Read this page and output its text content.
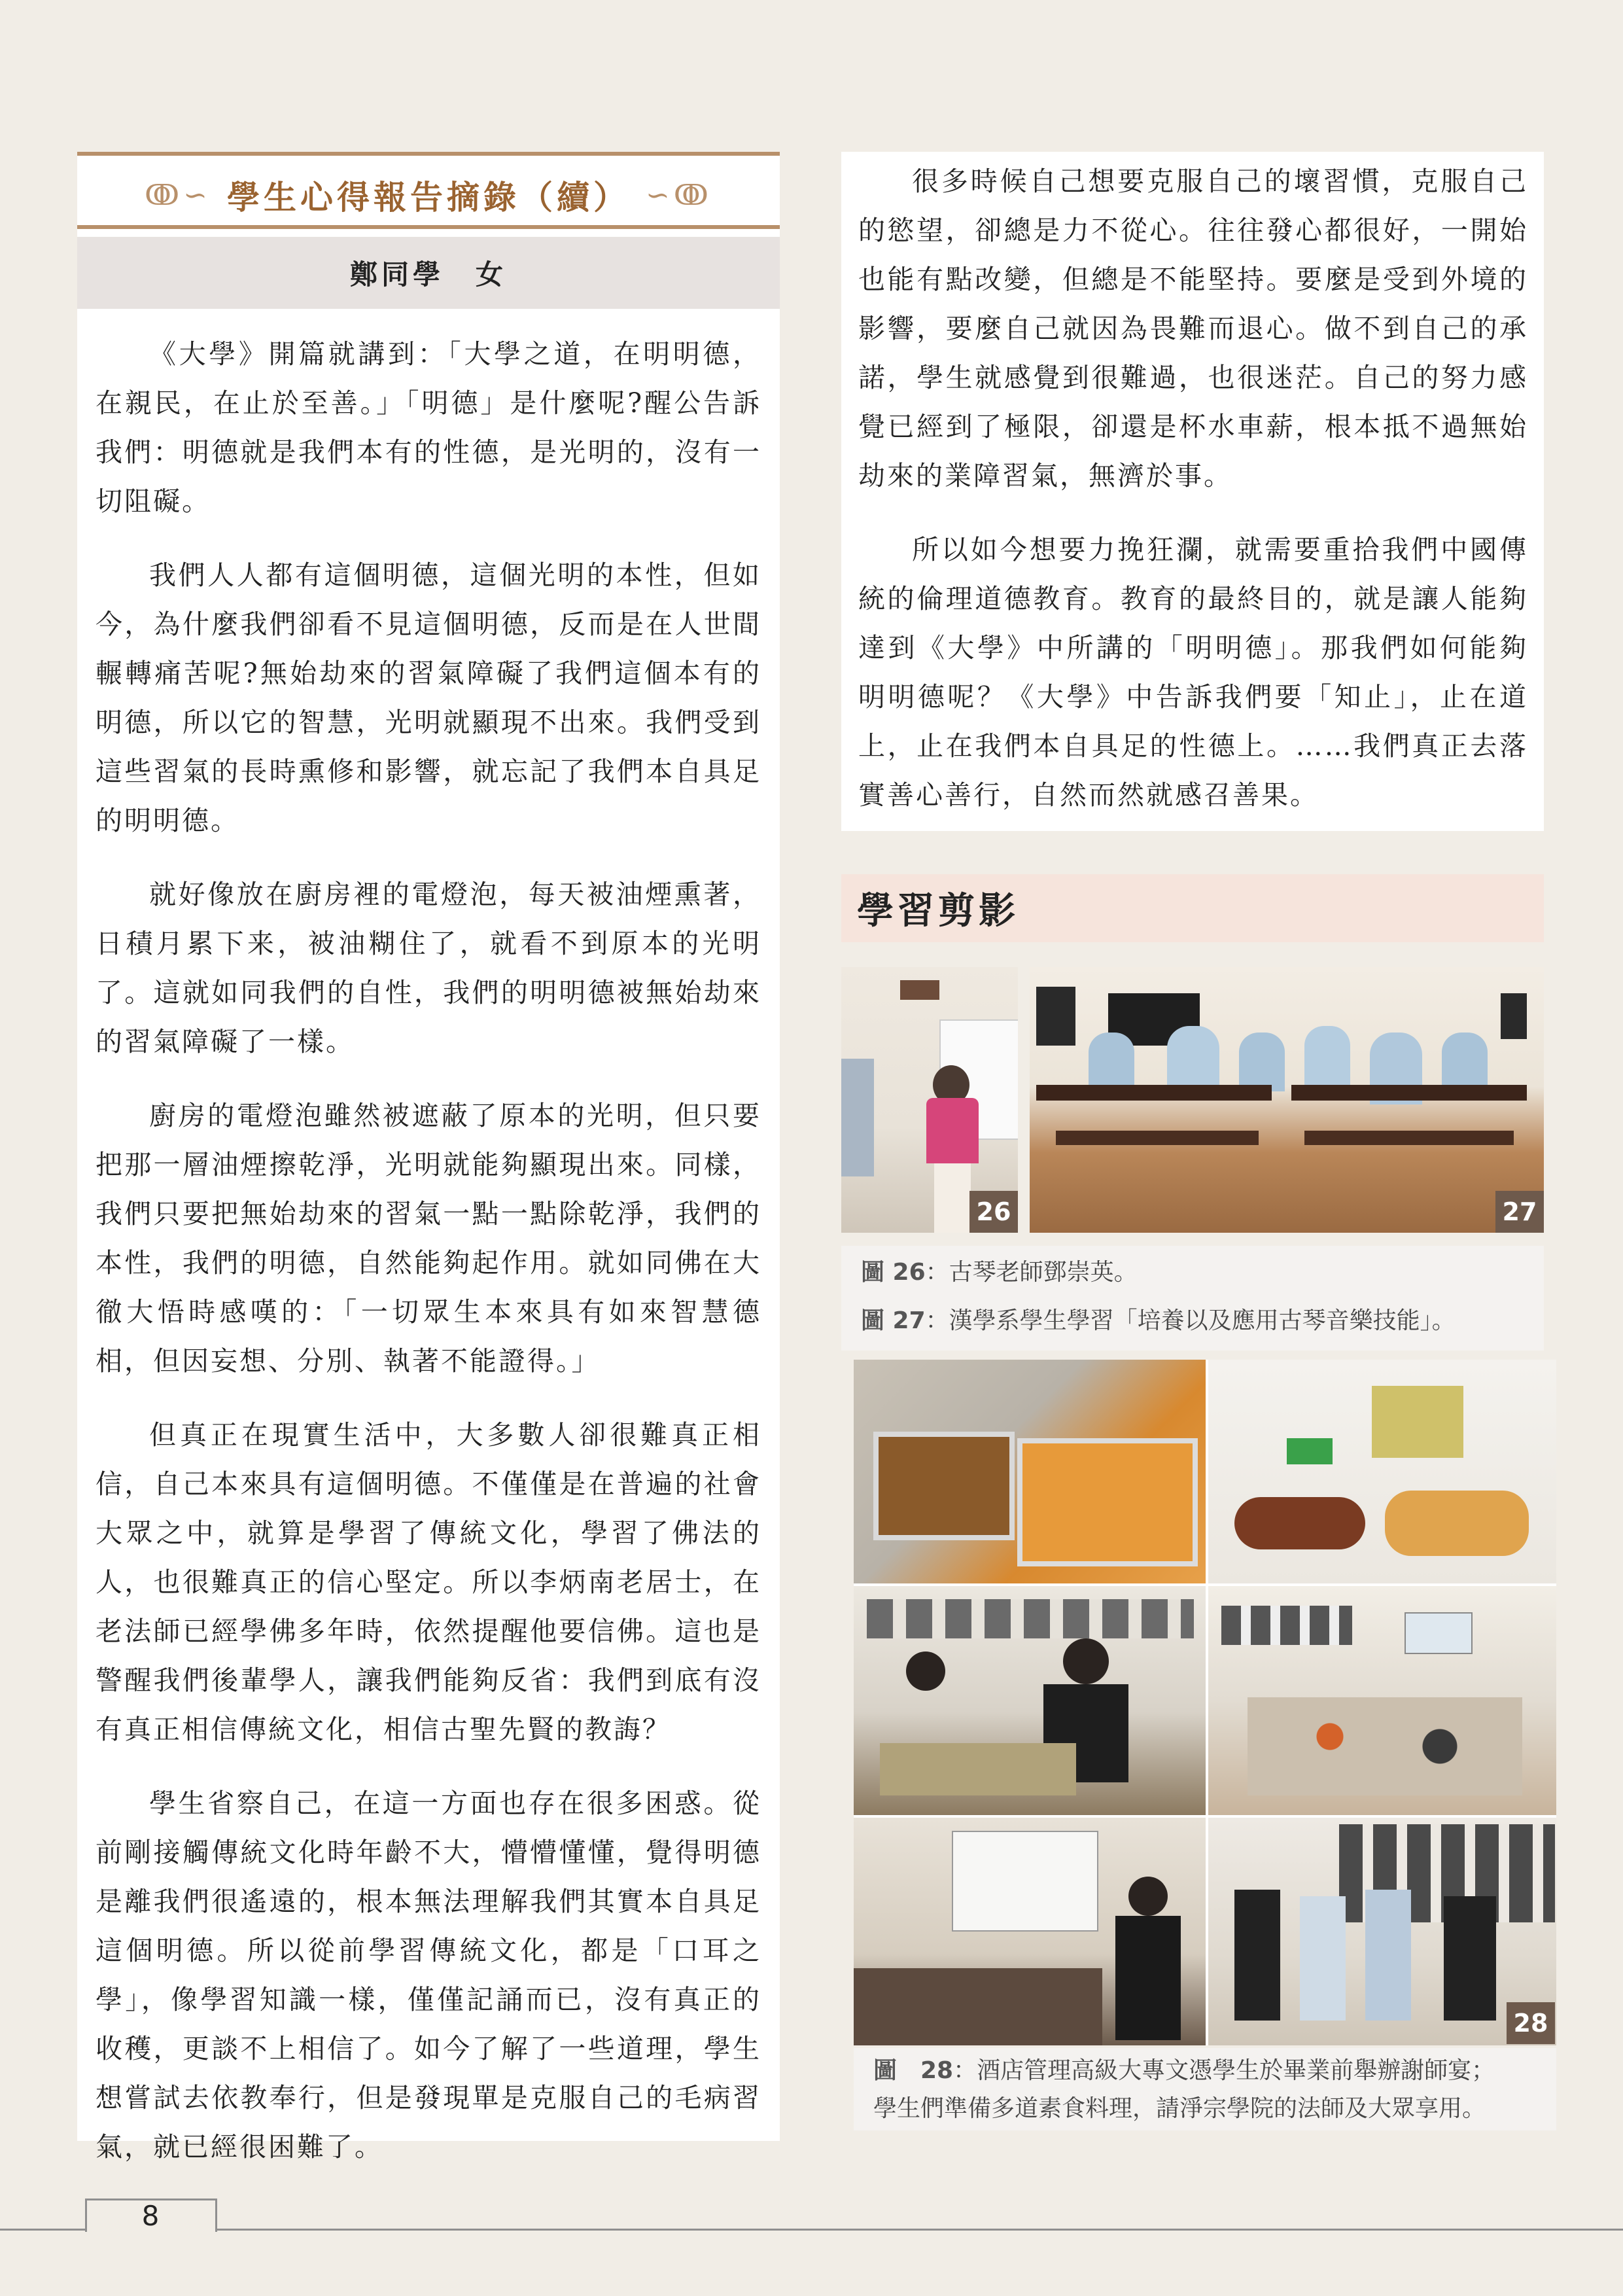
ↂ∽ 學生心得報告摘錄（續） ∽ↂ
鄭同學　女

《大學》開篇就講到：「大學之道，在明明德，在親民，在止於至善。」「明德」是什麼呢?醒公告訴我們：明德就是我們本有的性德，是光明的，沒有一切阻礙。

我們人人都有這個明德，這個光明的本性，但如今，為什麼我們卻看不見這個明德，反而是在人世間輾轉痛苦呢?無始劫來的習氣障礙了我們這個本有的明德，所以它的智慧，光明就顯現不出來。我們受到這些習氣的長時熏修和影響，就忘記了我們本自具足的明明德。

就好像放在廚房裡的電燈泡，每天被油煙熏著，日積月累下来，被油糊住了，就看不到原本的光明了。這就如同我們的自性，我們的明明德被無始劫來的習氣障礙了一樣。

廚房的電燈泡雖然被遮蔽了原本的光明，但只要把那一層油煙擦乾淨，光明就能夠顯現出來。同樣，我們只要把無始劫來的習氣一點一點除乾淨，我們的本性，我們的明德，自然能夠起作用。就如同佛在大徹大悟時感嘆的：「一切眾生本來具有如來智慧德相，但因妄想、分別、執著不能證得。」

但真正在現實生活中，大多數人卻很難真正相信，自己本來具有這個明德。不僅僅是在普遍的社會大眾之中，就算是學習了傳統文化，學習了佛法的人，也很難真正的信心堅定。所以李炳南老居士，在老法師已經學佛多年時，依然提醒他要信佛。這也是警醒我們後輩學人，讓我們能夠反省：我們到底有沒有真正相信傳統文化，相信古聖先賢的教誨？

學生省察自己，在這一方面也存在很多困惑。從前剛接觸傳統文化時年齡不大，懵懵懂懂，覺得明德是離我們很遙遠的，根本無法理解我們其實本自具足這個明德。所以從前學習傳統文化，都是「口耳之學」，像學習知識一樣，僅僅記誦而已，沒有真正的收穫，更談不上相信了。如今了解了一些道理，學生想嘗試去依教奉行，但是發現單是克服自己的毛病習氣，就已經很困難了。

很多時候自己想要克服自己的壞習慣，克服自己的慾望，卻總是力不從心。往往發心都很好，一開始也能有點改變，但總是不能堅持。要麼是受到外境的影響，要麼自己就因為畏難而退心。做不到自己的承諾，學生就感覺到很難過，也很迷茫。自己的努力感覺已經到了極限，卻還是杯水車薪，根本抵不過無始劫來的業障習氣，無濟於事。

所以如今想要力挽狂瀾，就需要重拾我們中國傳統的倫理道德教育。教育的最終目的，就是讓人能夠達到《大學》中所講的「明明德」。那我們如何能夠明明德呢？《大學》中告訴我們要「知止」，止在道上，止在我們本自具足的性德上。……我們真正去落實善心善行，自然而然就感召善果。

學習剪影
26	27
圖 26：古琴老師鄧崇英。
圖 27：漢學系學生學習「培養以及應用古琴音樂技能」。
28
圖　28：酒店管理高級大專文憑學生於畢業前舉辦謝師宴；
學生們準備多道素食料理，請淨宗學院的法師及大眾享用。
8
